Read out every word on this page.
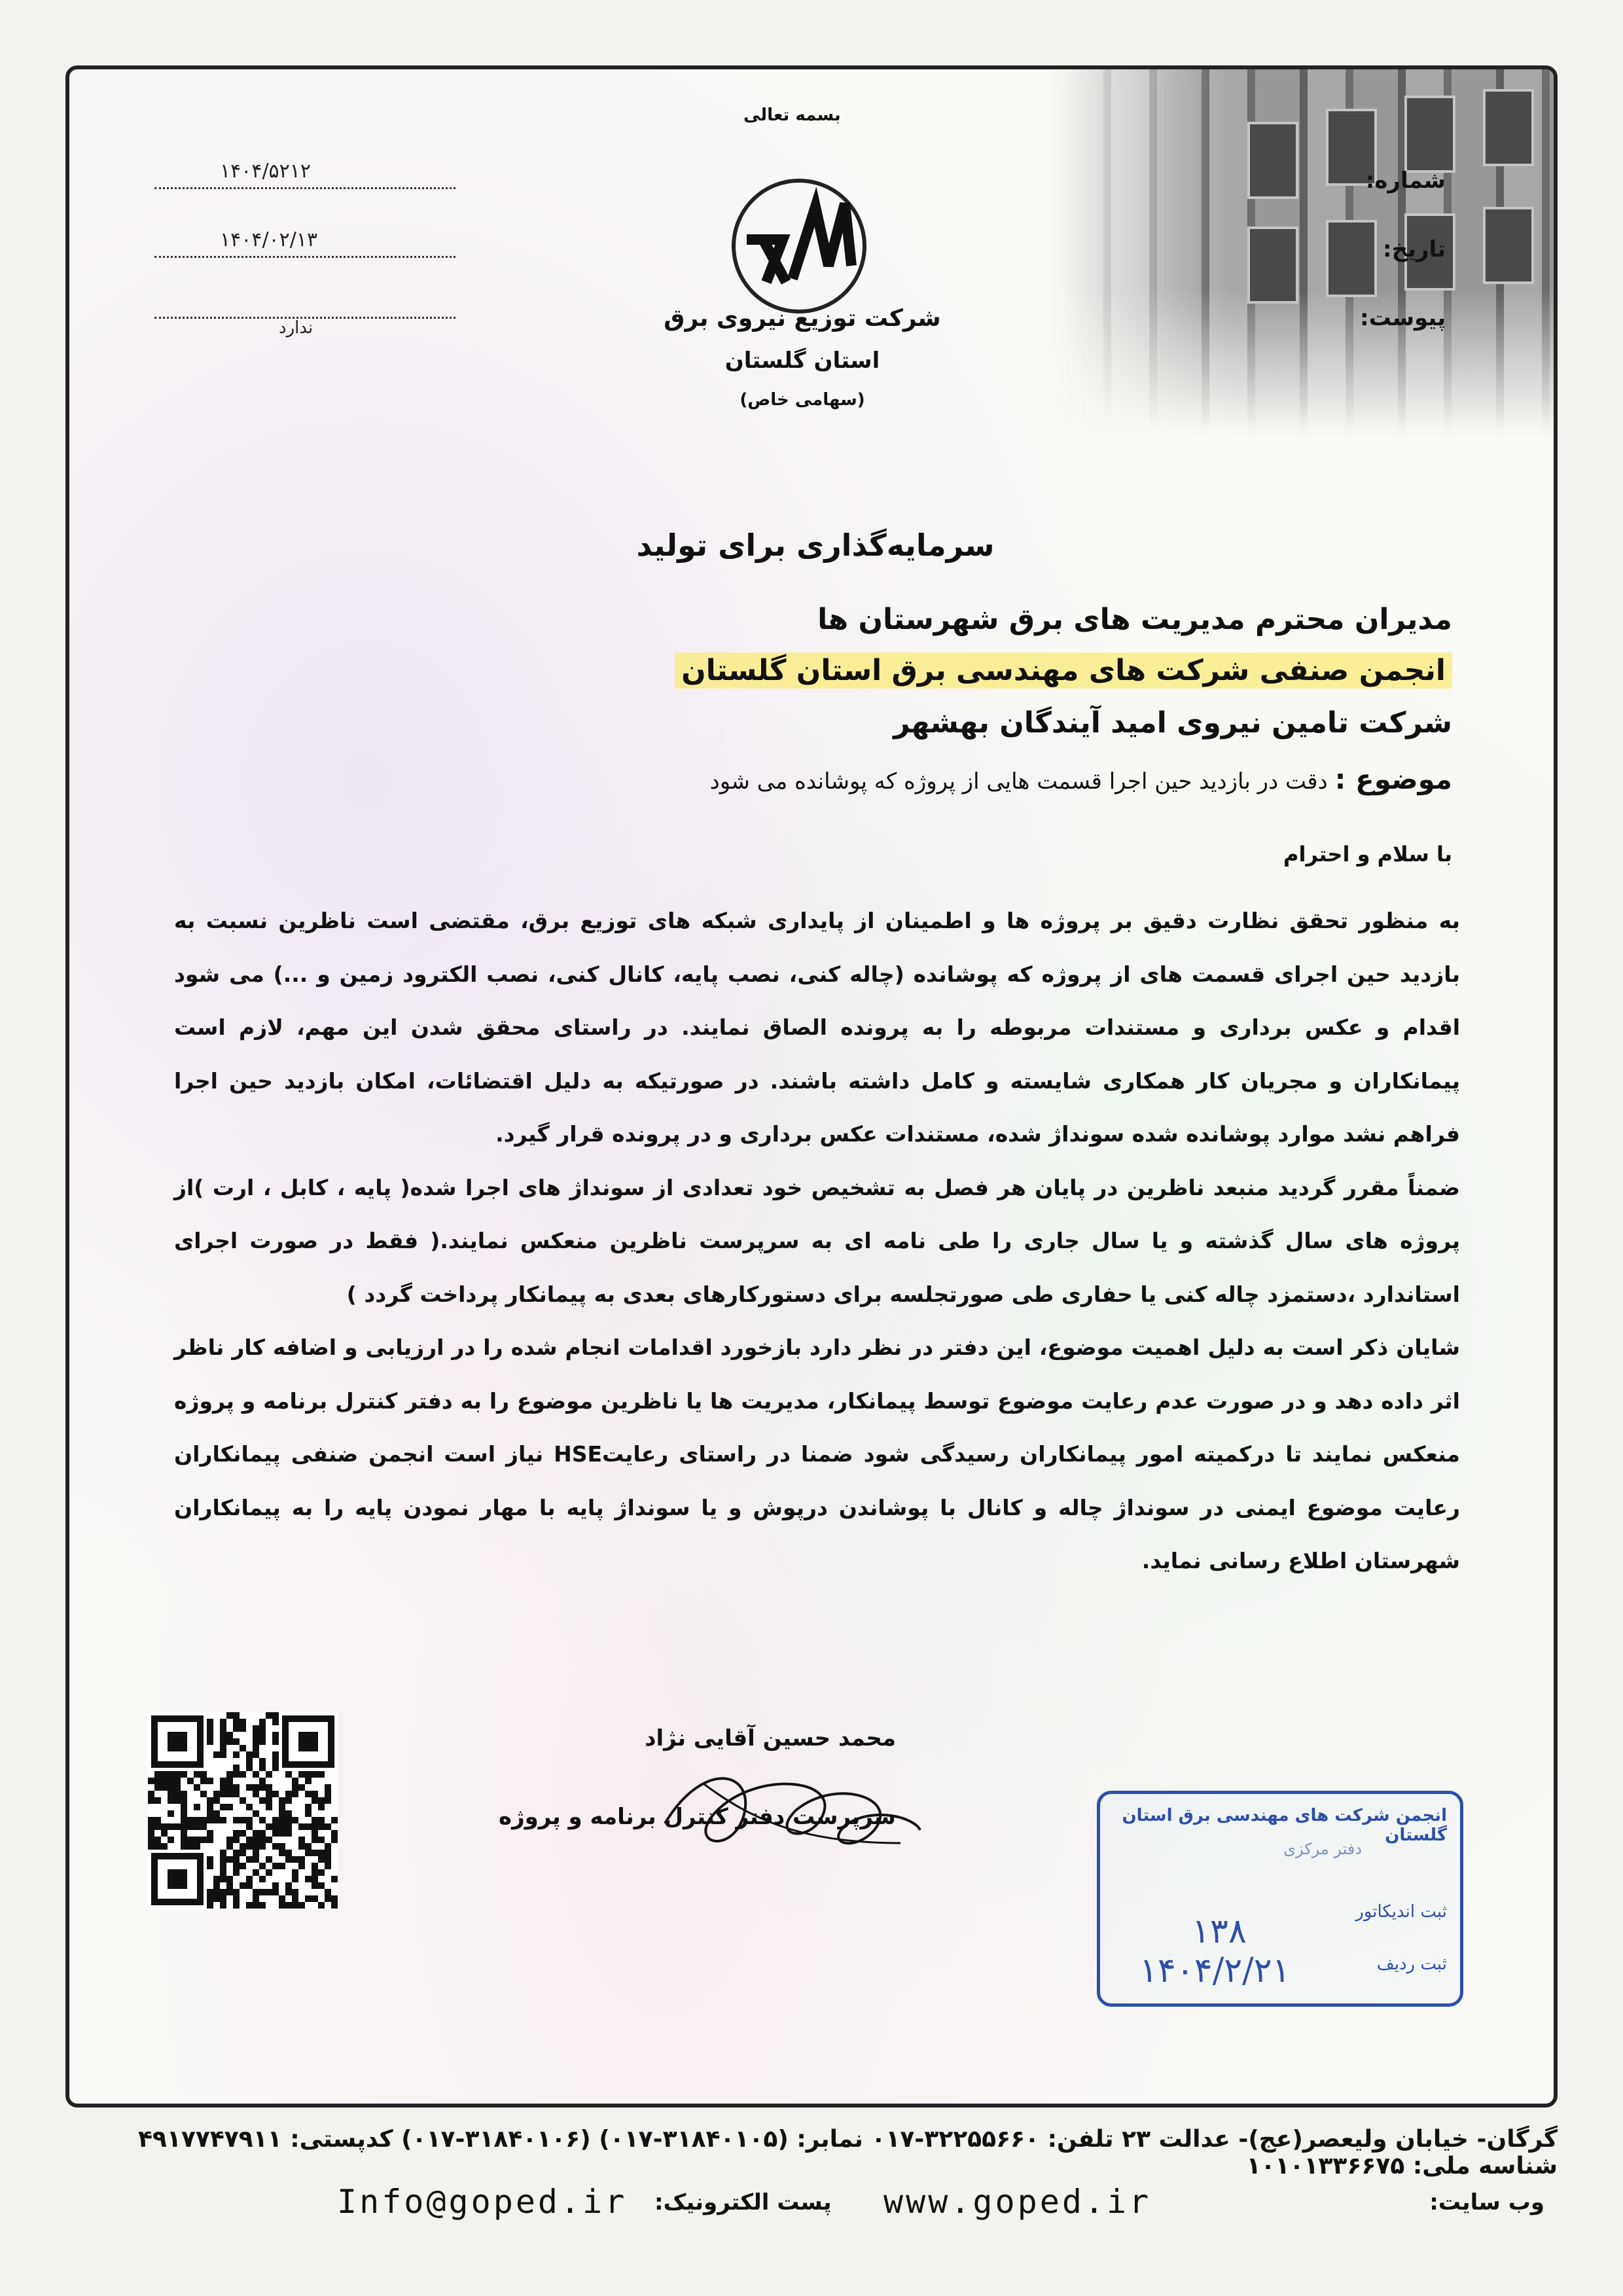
شماره:
۱۴۰۴/۵۲۱۲
تاریخ:
۱۴۰۴/۰۲/۱۳
پیوست:
ندارد
بسمه تعالی
شرکت توزیع نیروی برق
استان گلستان
(سهامی خاص)
سرمایه‌گذاری برای تولید
مدیران محترم مدیریت های برق شهرستان ها
انجمن صنفی شرکت های مهندسی برق استان گلستان
شرکت تامین نیروی امید آیندگان بهشهر
موضوع : دقت در بازدید حین اجرا قسمت هایی از پروژه که پوشانده می شود
با سلام و احترام

به منظور تحقق نظارت دقیق بر پروژه ها و اطمینان از پایداری شبکه های توزیع برق، مقتضی است ناظرین نسبت به بازدید حین اجرای قسمت های از پروژه که پوشانده (چاله کنی، نصب پایه، کانال کنی، نصب الکترود زمین و ...) می شود اقدام و عکس برداری و مستندات مربوطه را به پرونده الصاق نمایند. در راستای محقق شدن این مهم، لازم است پیمانکاران و مجریان کار همکاری شایسته و کامل داشته باشند. در صورتیکه به دلیل اقتضائات، امکان بازدید حین اجرا فراهم نشد موارد پوشانده شده سونداژ شده، مستندات عکس برداری و در پرونده قرار گیرد.

ضمناً مقرر گردید منبعد ناظرین در پایان هر فصل به تشخیص خود تعدادی از سونداژ های اجرا شده( پایه ، کابل ، ارت )از پروژه های سال گذشته و یا سال جاری را طی نامه ای به سرپرست ناظرین منعکس نمایند.( فقط در صورت اجرای استاندارد ،دستمزد چاله کنی یا حفاری طی صورتجلسه برای دستورکارهای بعدی به پیمانکار پرداخت گردد )

شایان ذکر است به دلیل اهمیت موضوع، این دفتر در نظر دارد بازخورد اقدامات انجام شده را در ارزیابی و اضافه کار ناظر اثر داده دهد و در صورت عدم رعایت موضوع توسط پیمانکار، مدیریت ها یا ناظرین موضوع را به دفتر کنترل برنامه و پروژه منعکس نمایند تا درکمیته امور پیمانکاران رسیدگی شود ضمنا در راستای رعایتHSE نیاز است انجمن ضنفی پیمانکاران رعایت موضوع ایمنی در سونداژ چاله و کانال با پوشاندن درپوش و یا سونداژ پایه با مهار نمودن پایه را به پیمانکاران شهرستان اطلاع رسانی نماید.

محمد حسین آقایی نژاد
سرپرست دفتر کنترل برنامه و پروژه	انجمن شرکت های مهندسی برق استان گلستان
دفتر مرکزی
ثبت اندیکاتور
ثبت ردیف
۱۳۸
۱۴۰۴/۲/۲۱
گرگان- خیابان ولیعصر(عج)- عدالت ۲۳ تلفن: ۳۲۲۵۵۶۶۰-۰۱۷ نمابر: (۳۱۸۴۰۱۰۵-۰۱۷) (۳۱۸۴۰۱۰۶-۰۱۷) کدپستی: ۴۹۱۷۷۴۷۹۱۱ شناسه ملی: ۱۰۱۰۱۳۳۶۶۷۵
وب سایت:
www.goped.ir
پست الکترونیک:
Info@goped.ir
